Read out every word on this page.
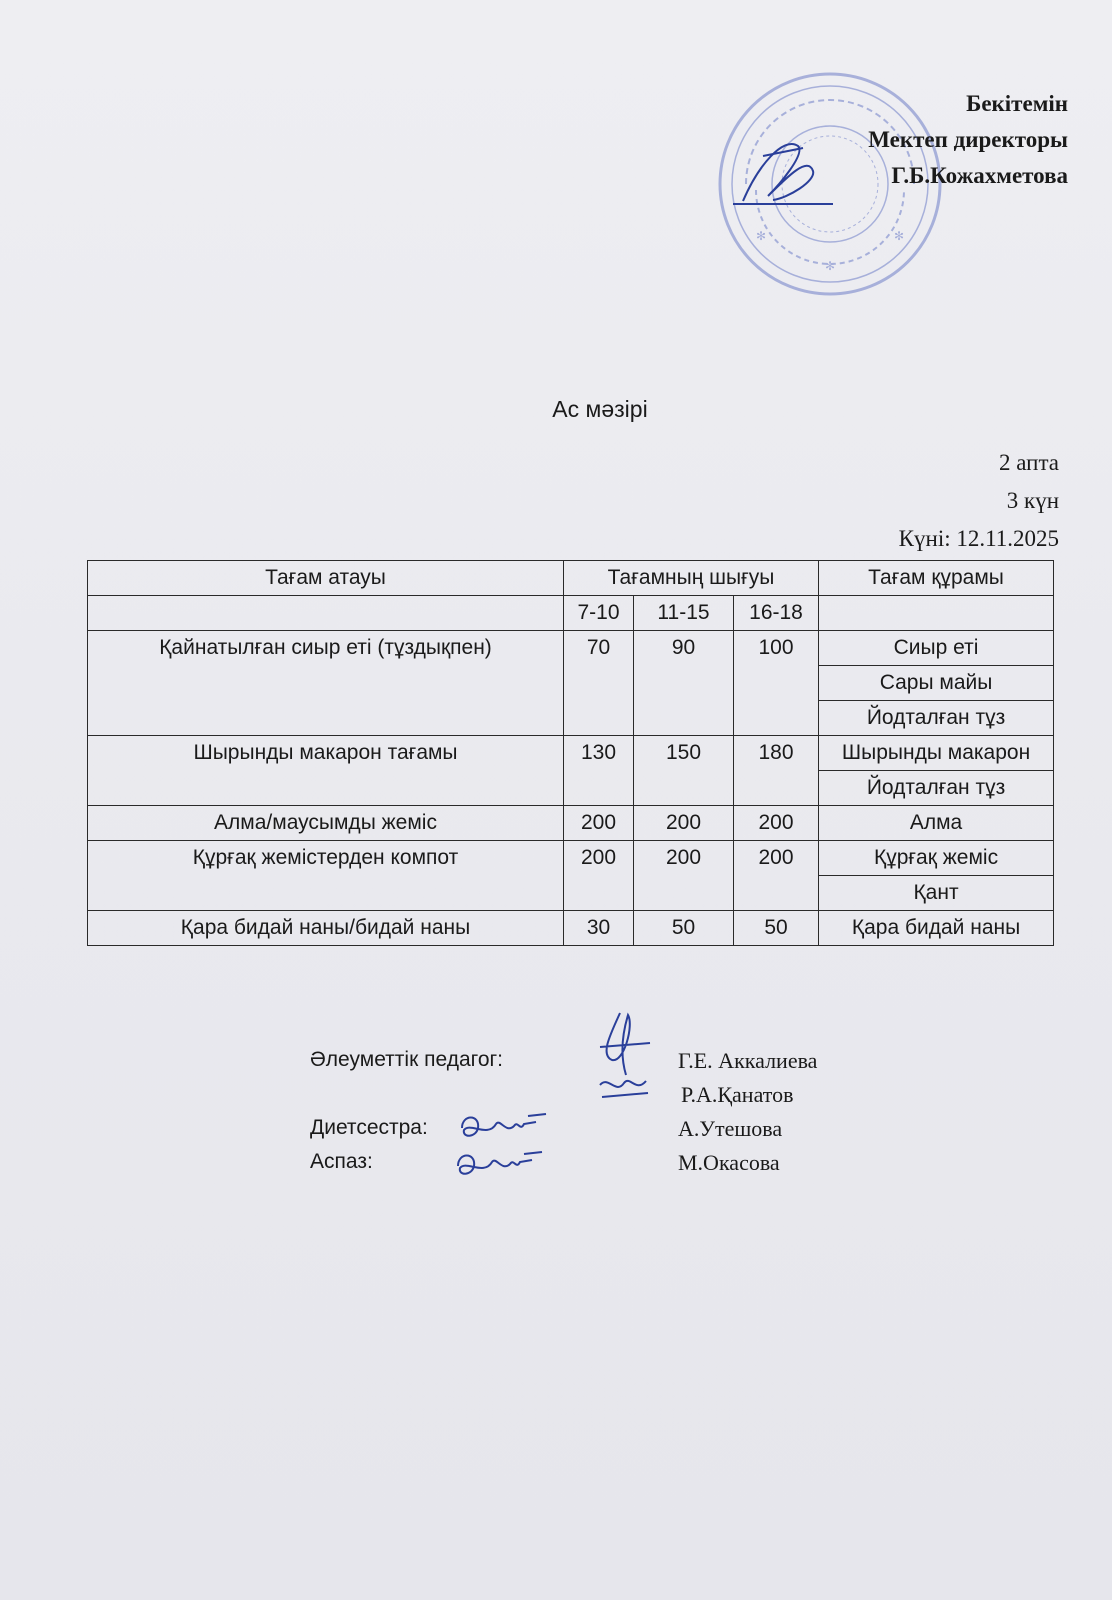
✻
✻	✻
Бекітемін
Мектеп директоры
Г.Б.Кожахметова
Ас мәзірі
2 апта
3 күн
Күні: 12.11.2025
Тағам атауы	Тағамның шығуы			Тағам құрамы
	7-10	11-15	16-18	
Қайнатылған сиыр еті (тұздықпен)	70	90	100	Сиыр еті
				Сары майы
				Йодталған тұз
Шырынды макарон тағамы	130	150	180	Шырынды макарон
				Йодталған тұз
Алма/маусымды жеміс	200	200	200	Алма
Құрғақ жемістерден компот	200	200	200	Құрғақ жеміс
				Қант
Қара бидай наны/бидай наны	30	50	50	Қара бидай наны
Әлеуметтік педагог:	Г.Е. Аккалиева
Р.А.Қанатов
Диетсестра:	А.Утешова
Аспаз:	М.Окасова
